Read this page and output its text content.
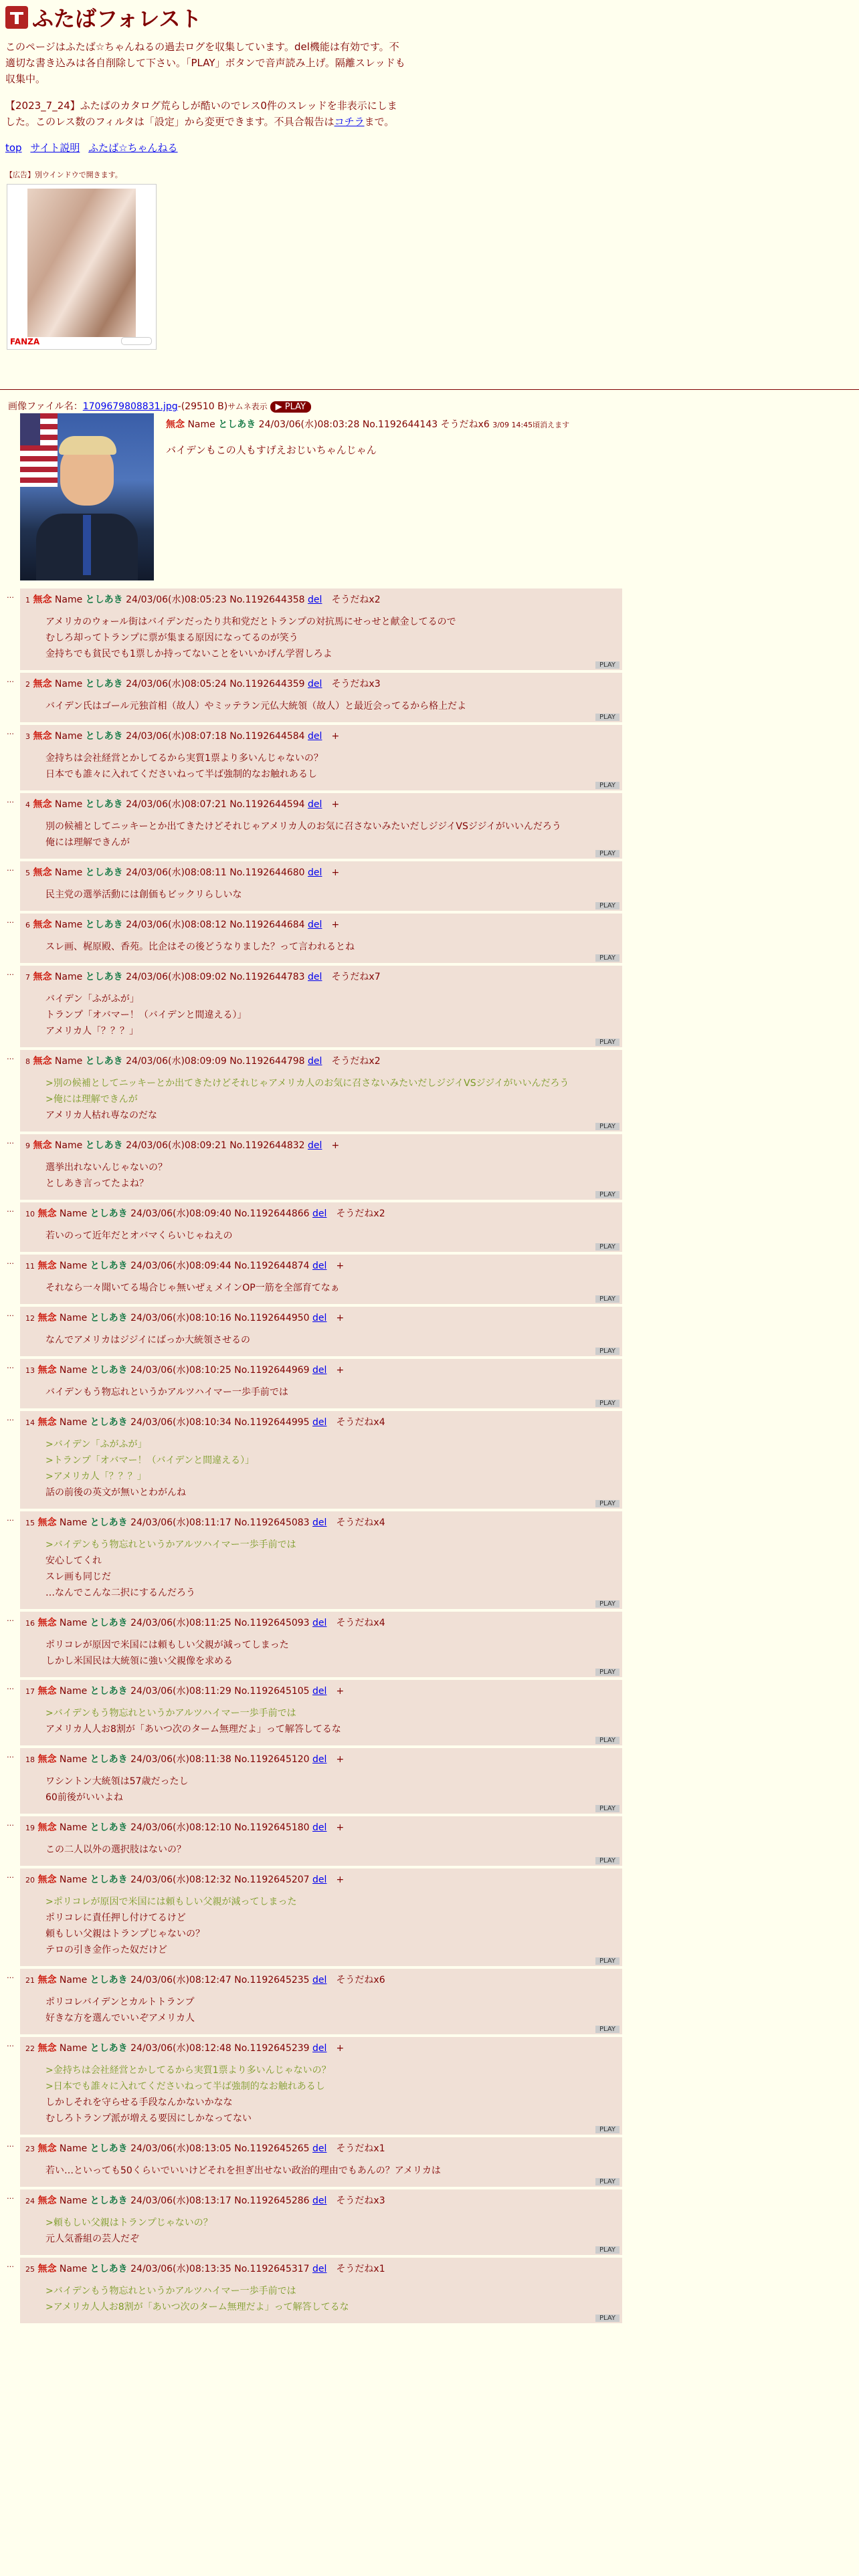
ふたばフォレスト

このページはふたば☆ちゃんねるの過去ログを収集しています。del機能は有効です。不適切な書き込みは各自削除して下さい。「PLAY」ボタンで音声読み上げ。隔離スレッドも収集中。

【2023_7_24】ふたばのカタログ荒らしが酷いのでレス0件のスレッドを非表示にしました。このレス数のフィルタは「設定」から変更できます。不具合報告はコチラまで。

top サイト説明 ふたば☆ちゃんねる
【広告】別ウインドウで開きます。
FANZA
画像ファイル名：1709679808831.jpg-(29510 B)サムネ表示 ▶ PLAY
無念 Name としあき 24/03/06(水)08:03:28 No.1192644143 そうだねx6 3/09 14:45頃消えます
バイデンもこの人もすげえおじいちゃんじゃん
…
1 無念 Name としあき 24/03/06(水)08:05:23 No.1192644358 del　 そうだねx2
アメリカのウォール街はバイデンだったり共和党だとトランプの対抗馬にせっせと献金してるので
むしろ却ってトランプに票が集まる原因になってるのが笑う
金持ちでも貧民でも1票しか持ってないことをいいかげん学習しろよ
PLAY
…
2 無念 Name としあき 24/03/06(水)08:05:24 No.1192644359 del　 そうだねx3
バイデン氏はゴール元独首相（故人）やミッテラン元仏大統領（故人）と最近会ってるから格上だよ
PLAY
…
3 無念 Name としあき 24/03/06(水)08:07:18 No.1192644584 del　 +
金持ちは会社経営とかしてるから実質1票より多いんじゃないの？
日本でも誰々に入れてくださいねって半ば強制的なお触れあるし
PLAY
…
4 無念 Name としあき 24/03/06(水)08:07:21 No.1192644594 del　 +
別の候補としてニッキーとか出てきたけどそれじゃアメリカ人のお気に召さないみたいだしジジイVSジジイがいいんだろう
俺には理解できんが
PLAY
…
5 無念 Name としあき 24/03/06(水)08:08:11 No.1192644680 del　 +
民主党の選挙活動には創価もビックリらしいな
PLAY
…
6 無念 Name としあき 24/03/06(水)08:08:12 No.1192644684 del　 +
スレ画、梶原殿、香苑。比企はその後どうなりました？って言われるとね
PLAY
…
7 無念 Name としあき 24/03/06(水)08:09:02 No.1192644783 del　 そうだねx7
バイデン「ふがふが」
トランプ「オバマー！（バイデンと間違える）」
アメリカ人「？？？」
PLAY
…
8 無念 Name としあき 24/03/06(水)08:09:09 No.1192644798 del　 そうだねx2
>別の候補としてニッキーとか出てきたけどそれじゃアメリカ人のお気に召さないみたいだしジジイVSジジイがいいんだろう
>俺には理解できんが
アメリカ人枯れ専なのだな
PLAY
…
9 無念 Name としあき 24/03/06(水)08:09:21 No.1192644832 del　 +
選挙出れないんじゃないの？
としあき言ってたよね？
PLAY
…
10 無念 Name としあき 24/03/06(水)08:09:40 No.1192644866 del　 そうだねx2
若いのって近年だとオバマくらいじゃねえの
PLAY
…
11 無念 Name としあき 24/03/06(水)08:09:44 No.1192644874 del　 +
それなら一々聞いてる場合じゃ無いぜぇメインOP一筋を全部育てなぁ
PLAY
…
12 無念 Name としあき 24/03/06(水)08:10:16 No.1192644950 del　 +
なんでアメリカはジジイにばっか大統領させるの
PLAY
…
13 無念 Name としあき 24/03/06(水)08:10:25 No.1192644969 del　 +
バイデンもう物忘れというかアルツハイマー一歩手前では
PLAY
…
14 無念 Name としあき 24/03/06(水)08:10:34 No.1192644995 del　 そうだねx4
>バイデン「ふがふが」
>トランプ「オバマー！（バイデンと間違える）」
>アメリカ人「？？？」
話の前後の英文が無いとわがんね
PLAY
…
15 無念 Name としあき 24/03/06(水)08:11:17 No.1192645083 del　 そうだねx4
>バイデンもう物忘れというかアルツハイマー一歩手前では
安心してくれ
スレ画も同じだ
…なんでこんな二択にするんだろう
PLAY
…
16 無念 Name としあき 24/03/06(水)08:11:25 No.1192645093 del　 そうだねx4
ポリコレが原因で米国には頼もしい父親が減ってしまった
しかし米国民は大統領に強い父親像を求める
PLAY
…
17 無念 Name としあき 24/03/06(水)08:11:29 No.1192645105 del　 +
>バイデンもう物忘れというかアルツハイマー一歩手前では
アメリカ人人お8割が「あいつ次のターム無理だよ」って解答してるな
PLAY
…
18 無念 Name としあき 24/03/06(水)08:11:38 No.1192645120 del　 +
ワシントン大統領は57歳だったし
60前後がいいよね
PLAY
…
19 無念 Name としあき 24/03/06(水)08:12:10 No.1192645180 del　 +
この二人以外の選択肢はないの？
PLAY
…
20 無念 Name としあき 24/03/06(水)08:12:32 No.1192645207 del　 +
>ポリコレが原因で米国には頼もしい父親が減ってしまった
ポリコレに責任押し付けてるけど
頼もしい父親はトランプじゃないの？
テロの引き金作った奴だけど
PLAY
…
21 無念 Name としあき 24/03/06(水)08:12:47 No.1192645235 del　 そうだねx6
ポリコレバイデンとカルトトランプ
好きな方を選んでいいぞアメリカ人
PLAY
…
22 無念 Name としあき 24/03/06(水)08:12:48 No.1192645239 del　 +
>金持ちは会社経営とかしてるから実質1票より多いんじゃないの？
>日本でも誰々に入れてくださいねって半ば強制的なお触れあるし
しかしそれを守らせる手段なんかないかなな
むしろトランプ派が増える要因にしかなってない
PLAY
…
23 無念 Name としあき 24/03/06(水)08:13:05 No.1192645265 del　 そうだねx1
若い…といっても50くらいでいいけどそれを担ぎ出せない政治的理由でもあんの？アメリカは
PLAY
…
24 無念 Name としあき 24/03/06(水)08:13:17 No.1192645286 del　 そうだねx3
>頼もしい父親はトランプじゃないの？
元人気番組の芸人だぞ
PLAY
…
25 無念 Name としあき 24/03/06(水)08:13:35 No.1192645317 del　 そうだねx1
>バイデンもう物忘れというかアルツハイマー一歩手前では
>アメリカ人人お8割が「あいつ次のターム無理だよ」って解答してるな
PLAY
